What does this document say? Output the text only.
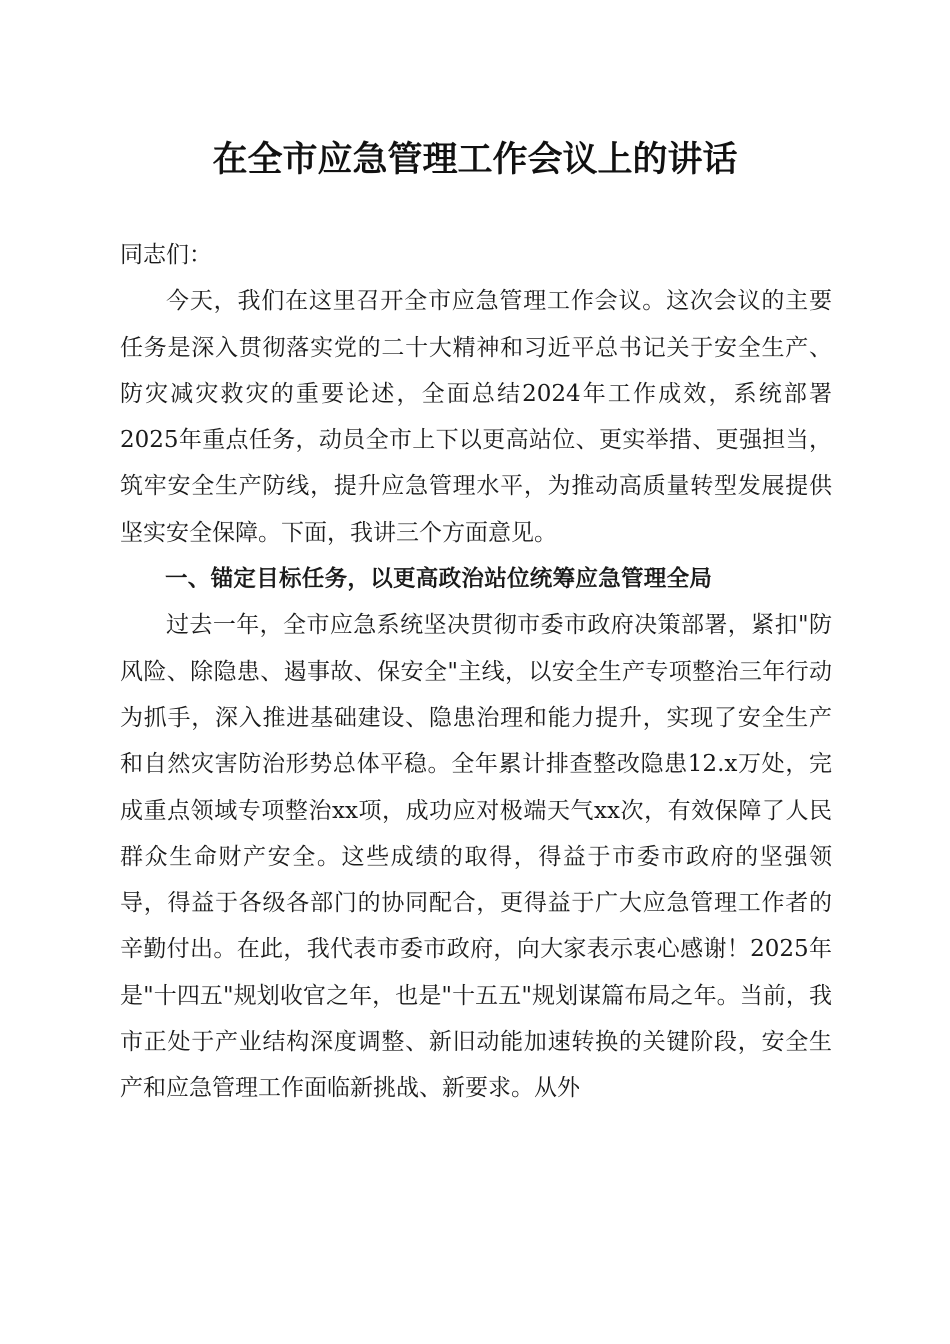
在全市应急管理工作会议上的讲话

同志们：

今天，我们在这里召开全市应急管理工作会议。这次会议的主要任务是深入贯彻落实党的二十大精神和习近平总书记关于安全生产、防灾减灾救灾的重要论述，全面总结2024年工作成效，系统部署2025年重点任务，动员全市上下以更高站位、更实举措、更强担当，筑牢安全生产防线，提升应急管理水平，为推动高质量转型发展提供坚实安全保障。下面，我讲三个方面意见。

一、锚定目标任务，以更高政治站位统筹应急管理全局

过去一年，全市应急系统坚决贯彻市委市政府决策部署，紧扣"防风险、除隐患、遏事故、保安全"主线，以安全生产专项整治三年行动为抓手，深入推进基础建设、隐患治理和能力提升，实现了安全生产和自然灾害防治形势总体平稳。全年累计排查整改隐患12.x万处，完成重点领域专项整治xx项，成功应对极端天气xx次，有效保障了人民群众生命财产安全。这些成绩的取得，得益于市委市政府的坚强领导，得益于各级各部门的协同配合，更得益于广大应急管理工作者的辛勤付出。在此，我代表市委市政府，向大家表示衷心感谢！2025年是"十四五"规划收官之年，也是"十五五"规划谋篇布局之年。当前，我市正处于产业结构深度调整、新旧动能加速转换的关键阶段，安全生产和应急管理工作面临新挑战、新要求。从外
